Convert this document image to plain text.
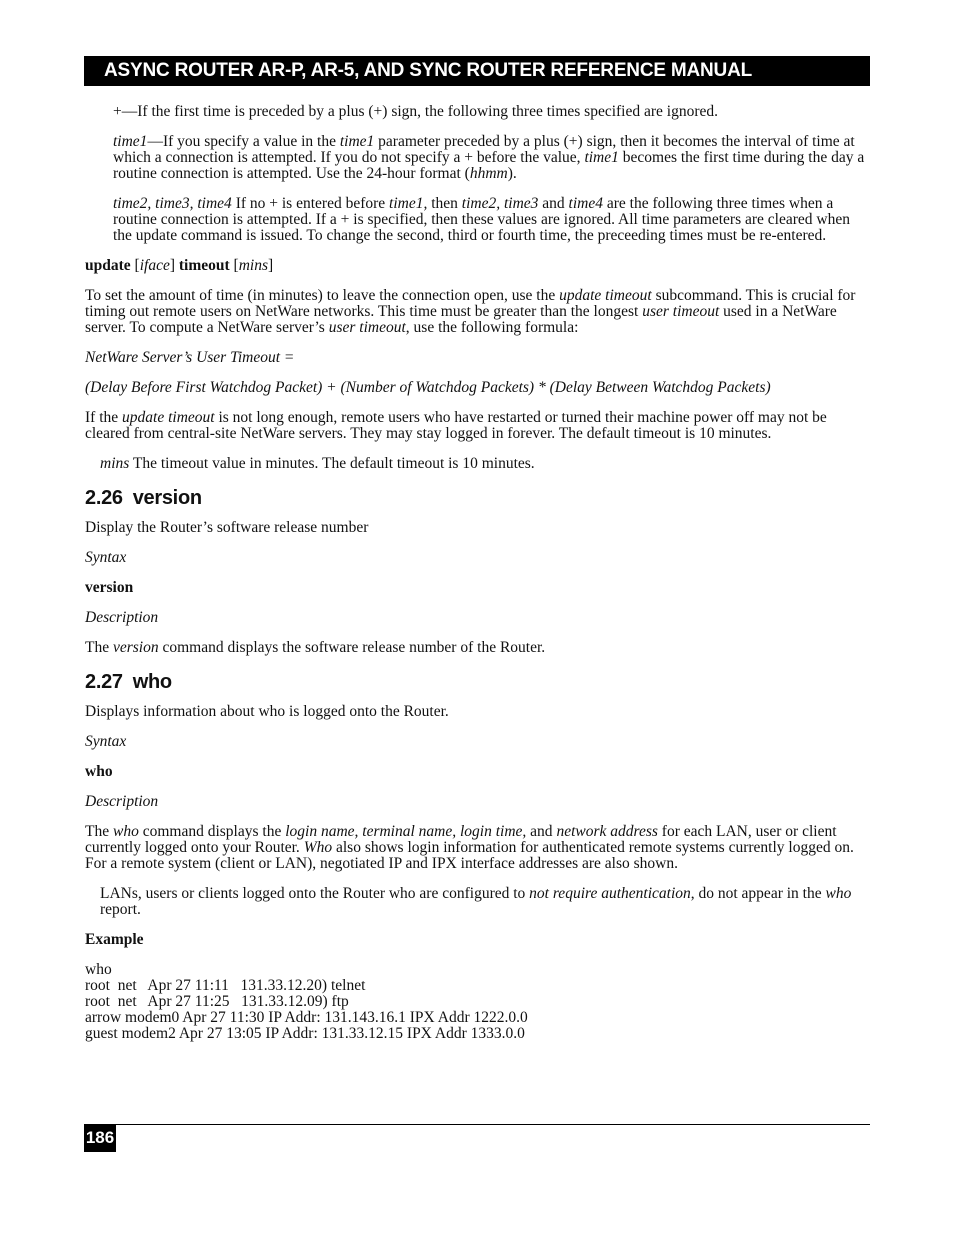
ASYNC ROUTER AR-P, AR-5, AND SYNC ROUTER REFERENCE MANUAL

+—If the first time is preceded by a plus (+) sign, the following three times specified are ignored.

time1—If you specify a value in the time1 parameter preceded by a plus (+) sign, then it becomes the interval of time at which a connection is attempted. If you do not specify a + before the value, time1 becomes the first time during the day a routine connection is attempted. Use the 24-hour format (hhmm).

time2, time3, time4 If no + is entered before time1, then time2, time3 and time4 are the following three times when a routine connection is attempted. If a + is specified, then these values are ignored. All time parameters are cleared when the update command is issued. To change the second, third or fourth time, the preceeding times must be re-entered.

update [iface] timeout [mins]

To set the amount of time (in minutes) to leave the connection open, use the update timeout subcommand. This is crucial for timing out remote users on NetWare networks. This time must be greater than the longest user timeout used in a NetWare server. To compute a NetWare server’s user timeout, use the following formula:

NetWare Server’s User Timeout =

(Delay Before First Watchdog Packet) + (Number of Watchdog Packets) * (Delay Between Watchdog Packets)

If the update timeout is not long enough, remote users who have restarted or turned their machine power off may not be cleared from central-site NetWare servers. They may stay logged in forever. The default timeout is 10 minutes.

mins The timeout value in minutes. The default timeout is 10 minutes.

2.26 version

Display the Router’s software release number

Syntax

version

Description

The version command displays the software release number of the Router.

2.27 who

Displays information about who is logged onto the Router.

Syntax

who

Description

The who command displays the login name, terminal name, login time, and network address for each LAN, user or client currently logged onto your Router. Who also shows login information for authenticated remote systems currently logged on. For a remote system (client or LAN), negotiated IP and IPX interface addresses are also shown.

LANs, users or clients logged onto the Router who are configured to not require authentication, do not appear in the who report.

Example

who
root  net   Apr 27 11:11   131.33.12.20) telnet
root  net   Apr 27 11:25   131.33.12.09) ftp
arrow modem0 Apr 27 11:30 IP Addr: 131.143.16.1 IPX Addr 1222.0.0
guest modem2 Apr 27 13:05 IP Addr: 131.33.12.15 IPX Addr 1333.0.0
186
